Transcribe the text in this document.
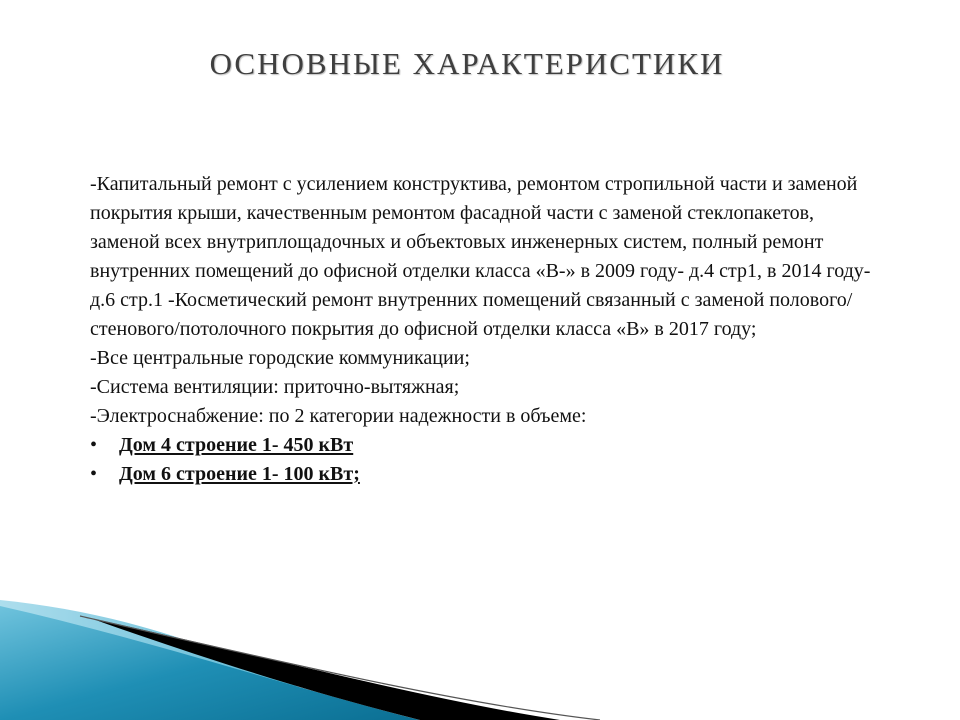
ОСНОВНЫЕ ХАРАКТЕРИСТИКИ

-Капитальный ремонт с усилением конструктива, ремонтом стропильной части и заменой покрытия крыши, качественным ремонтом фасадной части с заменой стеклопакетов, заменой всех внутриплощадочных и объектовых инженерных систем, полный ремонт внутренних помещений до офисной отделки класса «В-» в 2009 году- д.4 стр1, в 2014 году- д.6 стр.1 -Косметический ремонт внутренних помещений связанный с заменой полового/стенового/потолочного покрытия до офисной отделки класса «В» в 2017 году;

-Все центральные городские коммуникации;

-Система вентиляции: приточно-вытяжная;

-Электроснабжение: по 2 категории надежности в объеме:

• Дом 4 строение 1- 450 кВт
• Дом 6 строение 1- 100 кВт;
